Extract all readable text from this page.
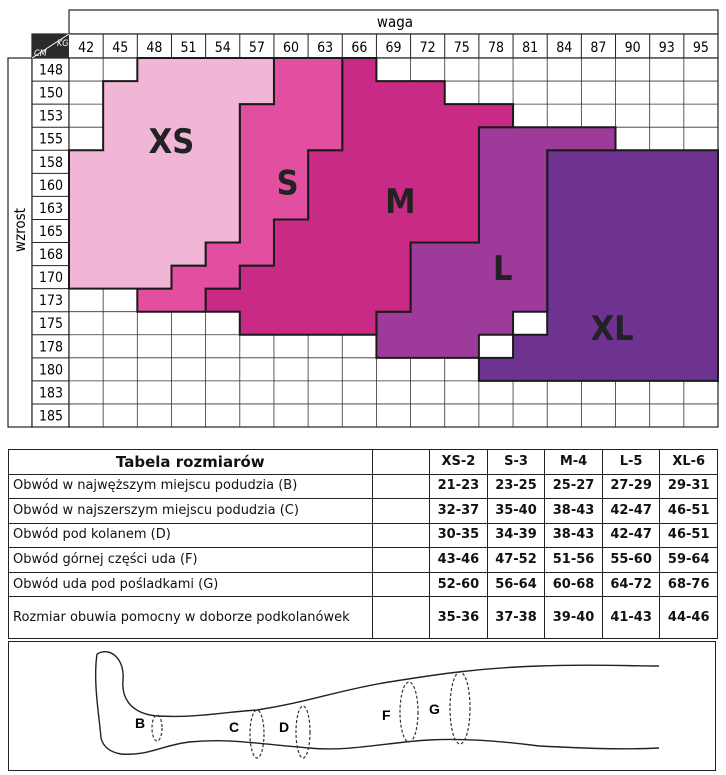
KG
CM
waga
wzrost
42 45 48 51 54 57 60 63 66 69 72 75 78 81 84 87 90 93 95
148
150
153
155
158
160
163
165
168
170
173
175
178
180
183
185
XS
S	M
L
XL
Tabela rozmiarów		XS-2	S-3	M-4	L-5	XL-6
Obwód w najwęższym miejscu podudzia (B)		21-23	23-25	25-27	27-29	29-31
Obwód w najszerszym miejscu podudzia (C)		32-37	35-40	38-43	42-47	46-51
Obwód pod kolanem (D)		30-35	34-39	38-43	42-47	46-51
Obwód górnej części uda (F)		43-46	47-52	51-56	55-60	59-64
Obwód uda pod pośladkami (G)		52-60	56-64	60-68	64-72	68-76
Rozmiar obuwia pomocny w doborze podkolanówek		35-36	37-38	39-40	41-43	44-46
B	C	D
F	G
